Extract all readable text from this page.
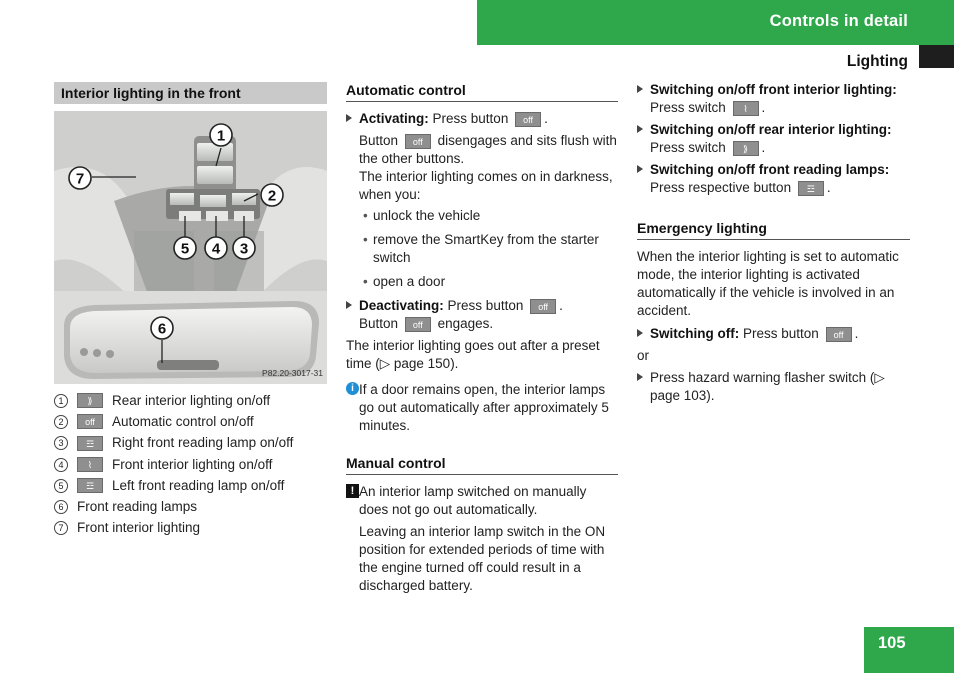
Controls in detail
Lighting
105
Interior lighting in the front
1
2
3
4
5
6
7
P82.20-3017-31
1	⟫	Rear interior lighting on/off
2	off	Automatic control on/off
3	☲	Right front reading lamp on/off
4	⌇	Front interior lighting on/off
5	☲	Left front reading lamp on/off
6	Front reading lamps
7	Front interior lighting
Automatic control
Activating: Press button off .
Button off disengages and sits flush with the other buttons.
The interior lighting comes on in darkness, when you:
• unlock the vehicle
• remove the SmartKey from the starter switch
• open a door
Deactivating: Press button off .
Button off engages.
The interior lighting goes out after a preset time (▷ page 150).
i If a door remains open, the interior lamps go out automatically after approximately 5 minutes.
Manual control
! An interior lamp switched on manually does not go out automatically.
Leaving an interior lamp switch in the ON position for extended periods of time with the engine turned off could result in a discharged battery.
Switching on/off front interior lighting: Press switch ⌇ .
Switching on/off rear interior lighting: Press switch ⟫ .
Switching on/off front reading lamps: Press respective button ☲ .
Emergency lighting
When the interior lighting is set to automatic mode, the interior lighting is activated automatically if the vehicle is involved in an accident.
Switching off: Press button off .
or
Press hazard warning flasher switch (▷ page 103).
